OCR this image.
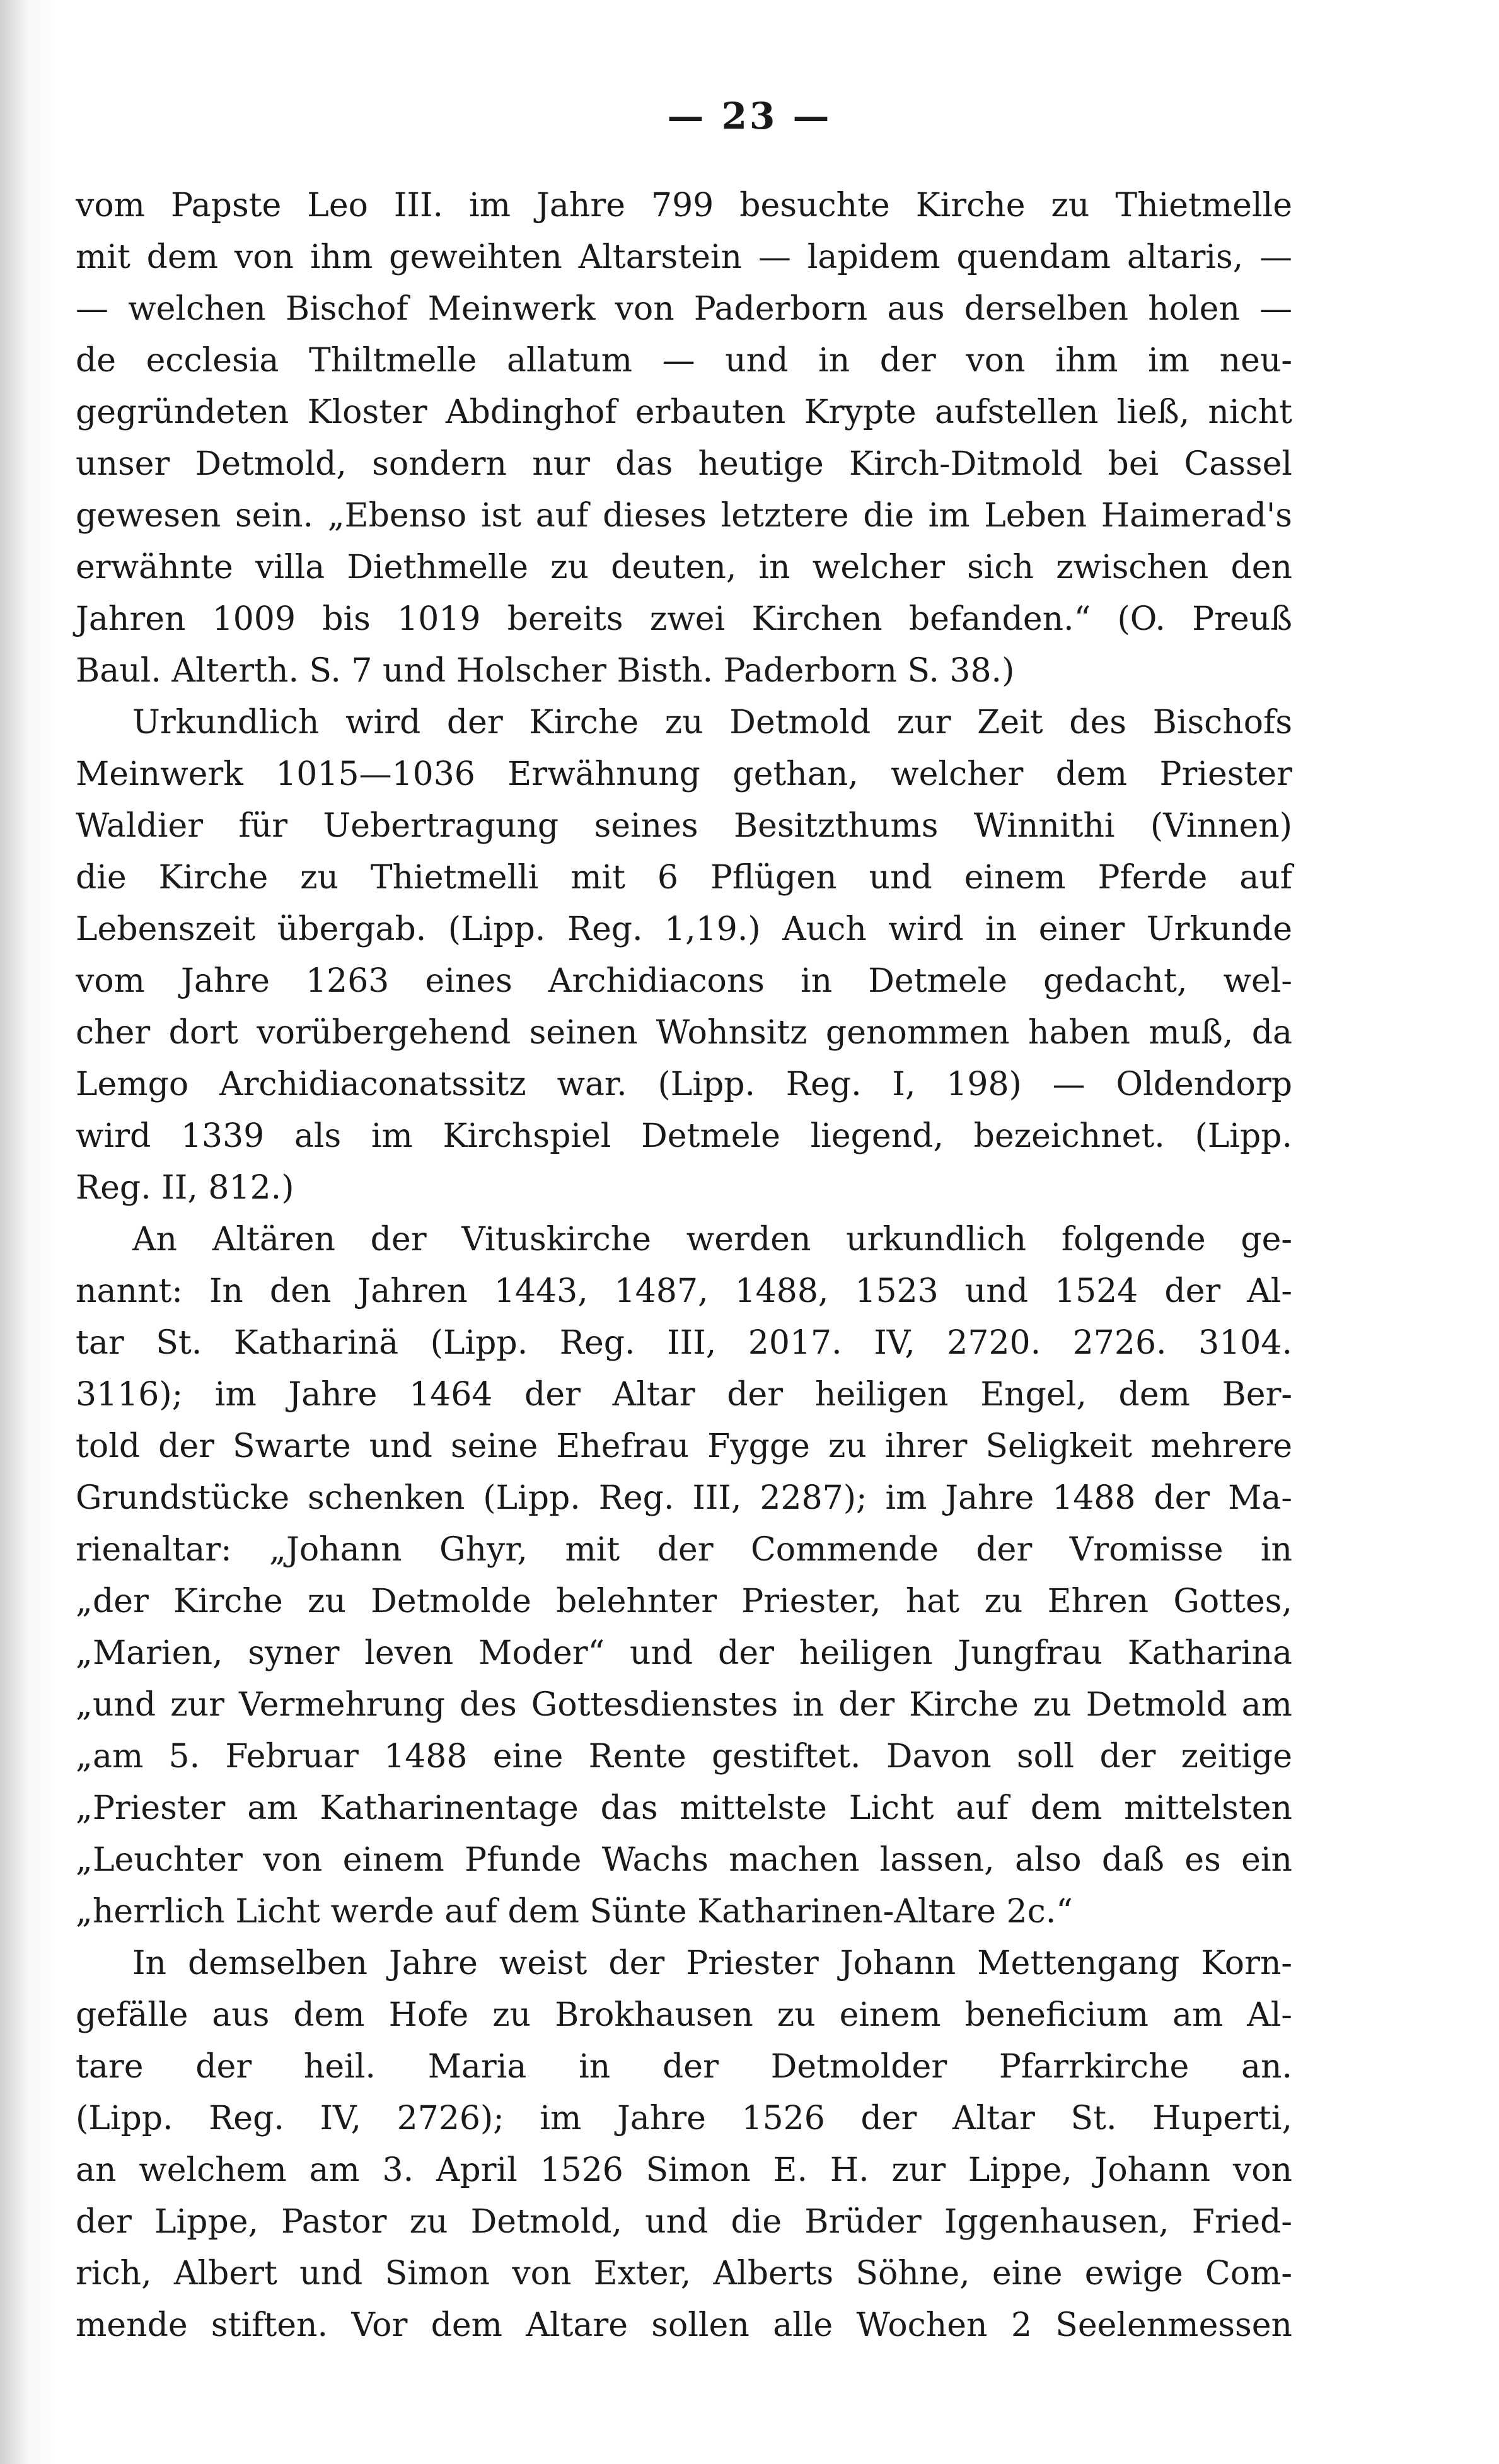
— 23 —
vom Papste Leo III. im Jahre 799 besuchte Kirche zu Thietmelle
mit dem von ihm geweihten Altarstein — lapidem quendam altaris, —
— welchen Bischof Meinwerk von Paderborn aus derselben holen —
de ecclesia Thiltmelle allatum — und in der von ihm im neu-
gegründeten Kloster Abdinghof erbauten Krypte aufstellen ließ, nicht
unser Detmold, sondern nur das heutige Kirch-Ditmold bei Cassel
gewesen sein. „Ebenso ist auf dieses letztere die im Leben Haimerad's
erwähnte villa Diethmelle zu deuten, in welcher sich zwischen den
Jahren 1009 bis 1019 bereits zwei Kirchen befanden.“ (O. Preuß
Baul. Alterth. S. 7 und Holscher Bisth. Paderborn S. 38.)
Urkundlich wird der Kirche zu Detmold zur Zeit des Bischofs
Meinwerk 1015—1036 Erwähnung gethan, welcher dem Priester
Waldier für Uebertragung seines Besitzthums Winnithi (Vinnen)
die Kirche zu Thietmelli mit 6 Pflügen und einem Pferde auf
Lebenszeit übergab. (Lipp. Reg. 1,19.) Auch wird in einer Urkunde
vom Jahre 1263 eines Archidiacons in Detmele gedacht, wel-
cher dort vorübergehend seinen Wohnsitz genommen haben muß, da
Lemgo Archidiaconatssitz war. (Lipp. Reg. I, 198) — Oldendorp
wird 1339 als im Kirchspiel Detmele liegend, bezeichnet. (Lipp.
Reg. II, 812.)
An Altären der Vituskirche werden urkundlich folgende ge-
nannt: In den Jahren 1443, 1487, 1488, 1523 und 1524 der Al-
tar St. Katharinä (Lipp. Reg. III, 2017. IV, 2720. 2726. 3104.
3116); im Jahre 1464 der Altar der heiligen Engel, dem Ber-
told der Swarte und seine Ehefrau Fygge zu ihrer Seligkeit mehrere
Grundstücke schenken (Lipp. Reg. III, 2287); im Jahre 1488 der Ma-
rienaltar: „Johann Ghyr, mit der Commende der Vromisse in
„der Kirche zu Detmolde belehnter Priester, hat zu Ehren Gottes,
„Marien, syner leven Moder“ und der heiligen Jungfrau Katharina
„und zur Vermehrung des Gottesdienstes in der Kirche zu Detmold am
„am 5. Februar 1488 eine Rente gestiftet. Davon soll der zeitige
„Priester am Katharinentage das mittelste Licht auf dem mittelsten
„Leuchter von einem Pfunde Wachs machen lassen, also daß es ein
„herrlich Licht werde auf dem Sünte Katharinen-Altare 2c.“
In demselben Jahre weist der Priester Johann Mettengang Korn-
gefälle aus dem Hofe zu Brokhausen zu einem beneficium am Al-
tare der heil. Maria in der Detmolder Pfarrkirche an.
(Lipp. Reg. IV, 2726); im Jahre 1526 der Altar St. Huperti,
an welchem am 3. April 1526 Simon E. H. zur Lippe, Johann von
der Lippe, Pastor zu Detmold, und die Brüder Iggenhausen, Fried-
rich, Albert und Simon von Exter, Alberts Söhne, eine ewige Com-
mende stiften. Vor dem Altare sollen alle Wochen 2 Seelenmessen
